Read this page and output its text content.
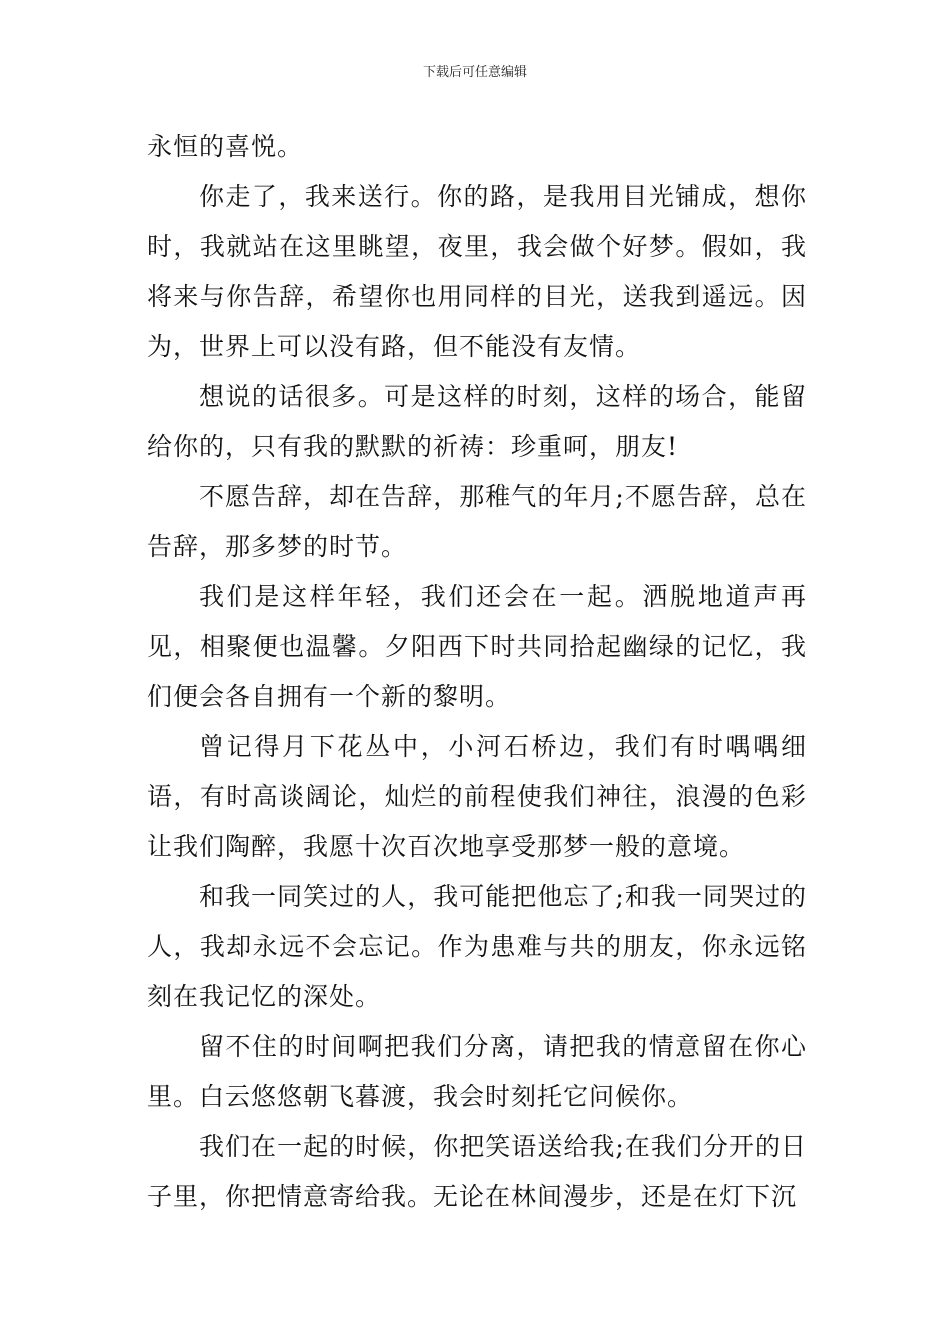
下载后可任意编辑

永恒的喜悦。

你走了，我来送行。你的路，是我用目光铺成，想你时，我就站在这里眺望，夜里，我会做个好梦。假如，我将来与你告辞，希望你也用同样的目光，送我到遥远。因为，世界上可以没有路，但不能没有友情。

想说的话很多。可是这样的时刻，这样的场合，能留给你的，只有我的默默的祈祷：珍重呵，朋友!

不愿告辞，却在告辞，那稚气的年月;不愿告辞，总在告辞，那多梦的时节。

我们是这样年轻，我们还会在一起。洒脱地道声再见，相聚便也温馨。夕阳西下时共同拾起幽绿的记忆，我们便会各自拥有一个新的黎明。

曾记得月下花丛中，小河石桥边，我们有时喁喁细语，有时高谈阔论，灿烂的前程使我们神往，浪漫的色彩让我们陶醉，我愿十次百次地享受那梦一般的意境。

和我一同笑过的人，我可能把他忘了;和我一同哭过的人，我却永远不会忘记。作为患难与共的朋友，你永远铭刻在我记忆的深处。

留不住的时间啊把我们分离，请把我的情意留在你心里。白云悠悠朝飞暮渡，我会时刻托它问候你。

我们在一起的时候，你把笑语送给我;在我们分开的日子里，你把情意寄给我。无论在林间漫步，还是在灯下沉
